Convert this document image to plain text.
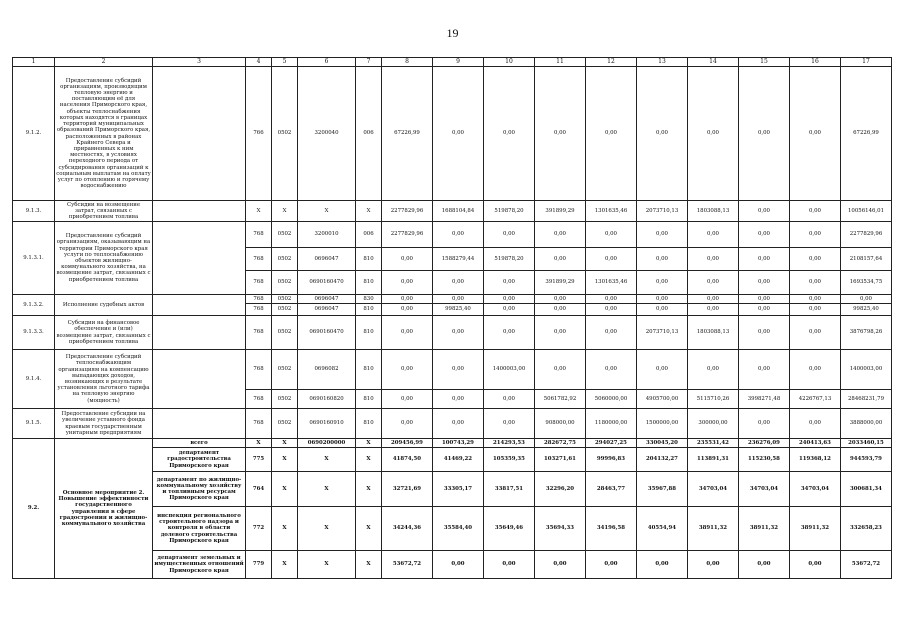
19
1	2	3	4	5	6	7	8	9	10	11	12	13	14	15	16	17
9.1.2.	Предоставление субсидий организациям, производящим тепловую энергию и поставляющим её для населения Приморского края, объекты теплоснабжения которых находятся в границах территорий муниципальных образований Приморского края, расположенных в районах Крайнего Севера и приравненных к ним местностях, в условиях переходного периода от субсидирования организаций к социальным выплатам на оплату услуг по отоплению и горячему водоснабжению		766	0502	3200040	006	67226,99	0,00	0,00	0,00	0,00	0,00	0,00	0,00	0,00	67226,99
9.1.3.	Субсидии на возмещение затрат, связанных с приобретением топлива		X	X	X	X	2277829,96	1688104,84	519878,20	391899,29	1301635,46	2073710,13	1803088,13	0,00	0,00	10056146,01
9.1.3.1.	Предоставление субсидий организациям, оказывающим на территории Приморского края услуги по теплоснабжению объектов жилищно-коммунального хозяйства, на возмещение затрат, связанных с приобретением топлива		768	0502	3200010	006	2277829,96	0,00	0,00	0,00	0,00	0,00	0,00	0,00	0,00	2277829,96
			768	0502	0696047	810	0,00	1588279,44	519878,20	0,00	0,00	0,00	0,00	0,00	0,00	2108157,64
			768	0502	0690160470	810	0,00	0,00	0,00	391899,29	1301635,46	0,00	0,00	0,00	0,00	1693534,75
9.1.3.2.	Исполнение судебных актов		768	0502	0696047	830	0,00	0,00	0,00	0,00	0,00	0,00	0,00	0,00	0,00	0,00
			768	0502	0696047	810	0,00	99825,40	0,00	0,00	0,00	0,00	0,00	0,00	0,00	99825,40
9.1.3.3.	Субсидии на финансовое обеспечение и (или) возмещение затрат, связанных с приобретением топлива		768	0502	0690160470	810	0,00	0,00	0,00	0,00	0,00	2073710,13	1803088,13	0,00	0,00	3876798,26
9.1.4.	Предоставление субсидий теплоснабжающим организациям на компенсацию выпадающих доходов, возникающих в результате установления льготного тарифа на тепловую энергию (мощность)		768	0502	0696082	810	0,00	0,00	1400003,00	0,00	0,00	0,00	0,00	0,00	0,00	1400003,00
			768	0502	0690160820	810	0,00	0,00	0,00	5061782,92	5060000,00	4905700,00	5115710,26	3998271,48	4226767,13	28468231,79
9.1.5.	Предоставление субсидии на увеличение уставного фонда краевым государственным унитарным предприятиям		768	0502	0690160910	810	0,00	0,00	0,00	908000,00	1180000,00	1500000,00	300000,00	0,00	0,00	3888000,00
9.2.	Основное мероприятие 2. Повышение эффективности государственного управления в сфере градостроения и жилищно-коммунального хозяйства	всего	X	X	0690200000	X	209456,99	100743,29	214293,53	282672,75	294027,25	330045,20	235531,42	236276,09	240413,63	2033460,15
		департамент градостроительства Приморского края	775	X	X	X	41874,50	41469,22	105359,35	103271,61	99996,83	204132,27	113891,31	115230,58	119368,12	944593,79
		департамент по жилищно-коммунальному хозяйству и топливным ресурсам Приморского края	764	X	X	X	32721,69	33305,17	33817,51	32296,20	28463,77	35967,88	34703,04	34703,04	34703,04	300681,34
		инспекция регионального строительного надзора и контроля в области долевого строительства Приморского края	772	X	X	X	34244,36	35584,40	35649,46	35694,33	34196,58	40554,94	38911,32	38911,32	38911,32	332658,23
		департамент земельных и имущественных отношений Приморского края	779	X	X	X	53672,72	0,00	0,00	0,00	0,00	0,00	0,00	0,00	0,00	53672,72
